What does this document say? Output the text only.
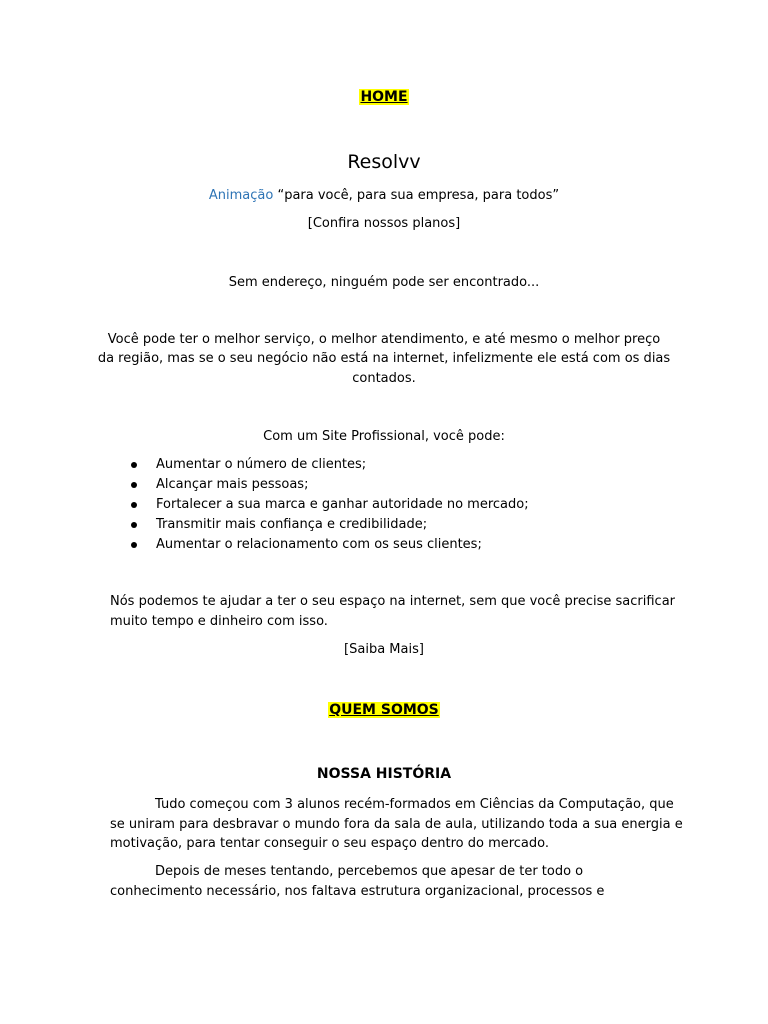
HOME
Resolvv
Animação “para você, para sua empresa, para todos”
[Confira nossos planos]
Sem endereço, ninguém pode ser encontrado...
Você pode ter o melhor serviço, o melhor atendimento, e até mesmo o melhor preço
da região, mas se o seu negócio não está na internet, infelizmente ele está com os dias
contados.
Com um Site Profissional, você pode:
Aumentar o número de clientes;
Alcançar mais pessoas;
Fortalecer a sua marca e ganhar autoridade no mercado;
Transmitir mais confiança e credibilidade;
Aumentar o relacionamento com os seus clientes;
Nós podemos te ajudar a ter o seu espaço na internet, sem que você precise sacrificar
muito tempo e dinheiro com isso.
[Saiba Mais]
QUEM SOMOS
NOSSA HISTÓRIA
Tudo começou com 3 alunos recém-formados em Ciências da Computação, que
se uniram para desbravar o mundo fora da sala de aula, utilizando toda a sua energia e
motivação, para tentar conseguir o seu espaço dentro do mercado.
Depois de meses tentando, percebemos que apesar de ter todo o
conhecimento necessário, nos faltava estrutura organizacional, processos e
